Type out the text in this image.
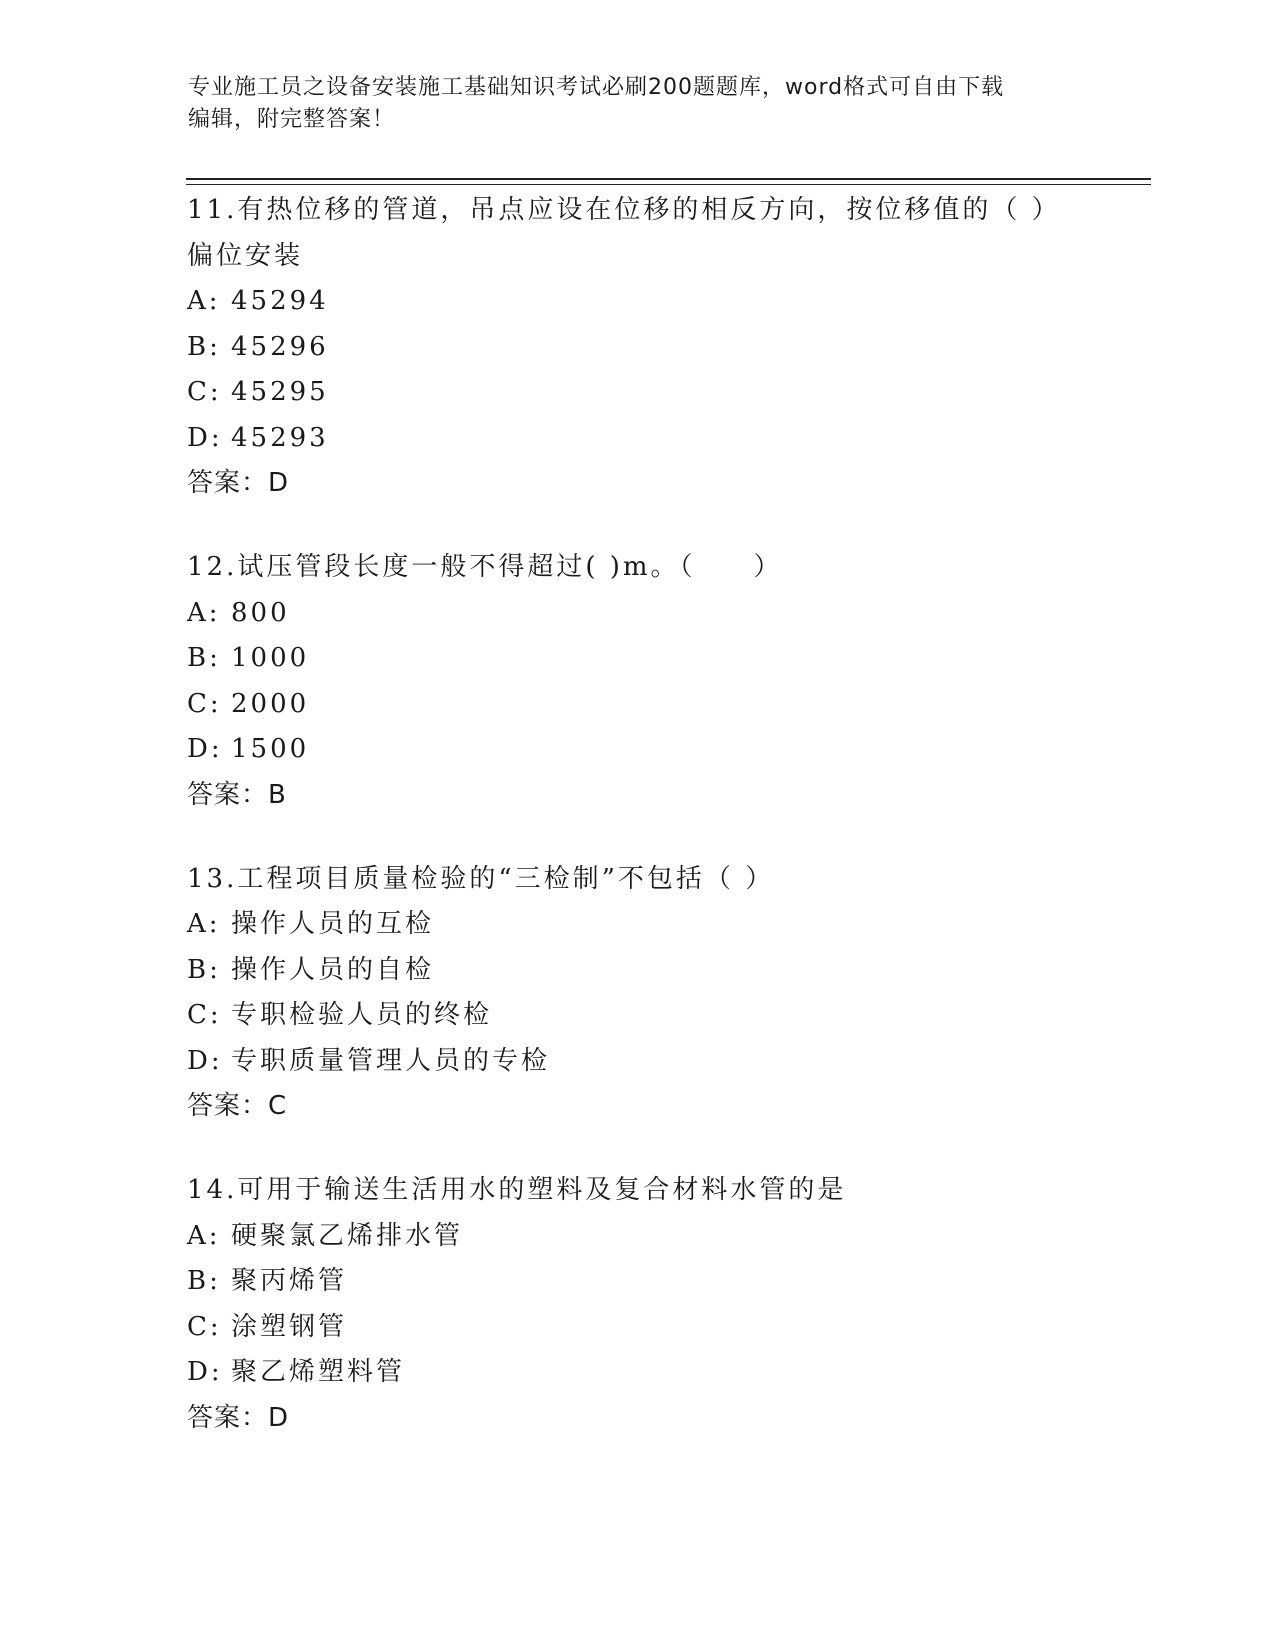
专业施工员之设备安装施工基础知识考试必刷200题题库，word格式可自由下载
编辑，附完整答案！
11.有热位移的管道，吊点应设在位移的相反方向，按位移值的（ ）
偏位安装
A: 45294
B: 45296
C: 45295
D: 45293
答案：D
12.试压管段长度一般不得超过( )m。（　　）
A: 800
B: 1000
C: 2000
D: 1500
答案：B
13.工程项目质量检验的“三检制”不包括（ ）
A: 操作人员的互检
B: 操作人员的自检
C: 专职检验人员的终检
D: 专职质量管理人员的专检
答案：C
14.可用于输送生活用水的塑料及复合材料水管的是
A: 硬聚氯乙烯排水管
B: 聚丙烯管
C: 涂塑钢管
D: 聚乙烯塑料管
答案：D
